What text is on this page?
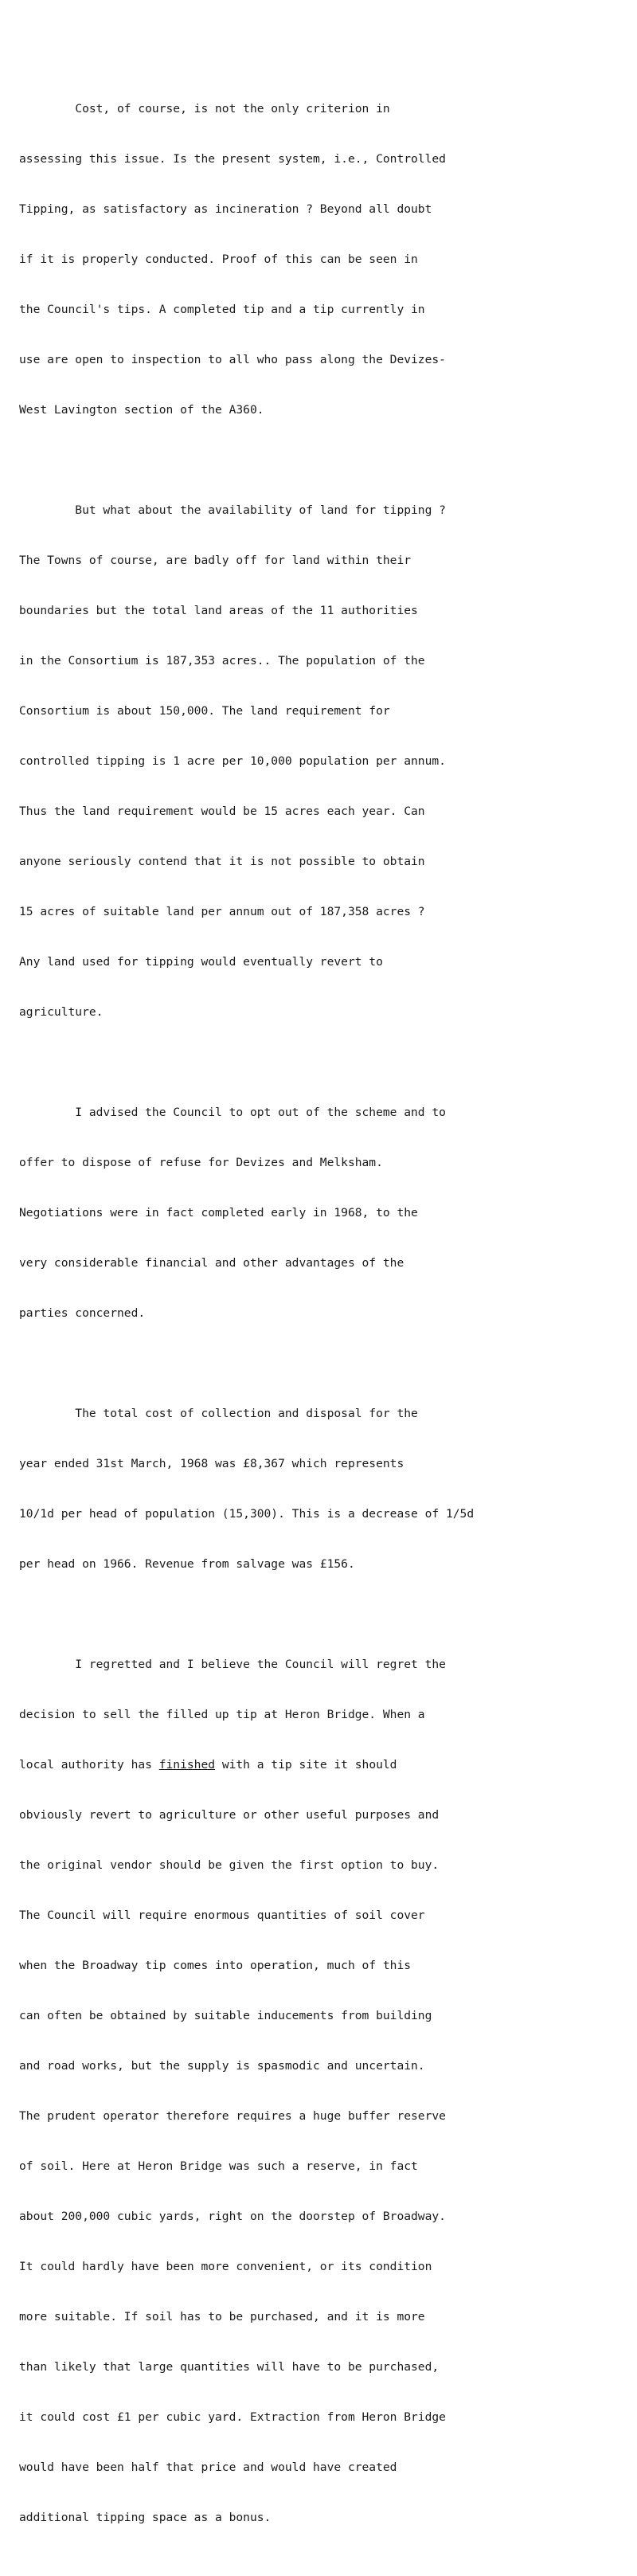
Cost, of course, is not the only criterion in

assessing this issue. Is the present system, i.e., Controlled

Tipping, as satisfactory as incineration ? Beyond all doubt

if it is properly conducted. Proof of this can be seen in

the Council's tips. A completed tip and a tip currently in

use are open to inspection to all who pass along the Devizes-

West Lavington section of the A360.

But what about the availability of land for tipping ?

The Towns of course, are badly off for land within their

boundaries but the total land areas of the 11 authorities

in the Consortium is 187,353 acres.. The population of the

Consortium is about 150,000. The land requirement for

controlled tipping is 1 acre per 10,000 population per annum.

Thus the land requirement would be 15 acres each year. Can

anyone seriously contend that it is not possible to obtain

15 acres of suitable land per annum out of 187,358 acres ?

Any land used for tipping would eventually revert to

agriculture.

I advised the Council to opt out of the scheme and to

offer to dispose of refuse for Devizes and Melksham.

Negotiations were in fact completed early in 1968, to the

very considerable financial and other advantages of the

parties concerned.

The total cost of collection and disposal for the

year ended 31st March, 1968 was £8,367 which represents

10/1d per head of population (15,300). This is a decrease of 1/5d

per head on 1966. Revenue from salvage was £156.

I regretted and I believe the Council will regret the

decision to sell the filled up tip at Heron Bridge. When a

local authority has finished with a tip site it should

obviously revert to agriculture or other useful purposes and

the original vendor should be given the first option to buy.

The Council will require enormous quantities of soil cover

when the Broadway tip comes into operation, much of this

can often be obtained by suitable inducements from building

and road works, but the supply is spasmodic and uncertain.

The prudent operator therefore requires a huge buffer reserve

of soil. Here at Heron Bridge was such a reserve, in fact

about 200,000 cubic yards, right on the doorstep of Broadway.

It could hardly have been more convenient, or its condition

more suitable. If soil has to be purchased, and it is more

than likely that large quantities will have to be purchased,

it could cost £1 per cubic yard. Extraction from Heron Bridge

would have been half that price and would have created

additional tipping space as a bonus.
